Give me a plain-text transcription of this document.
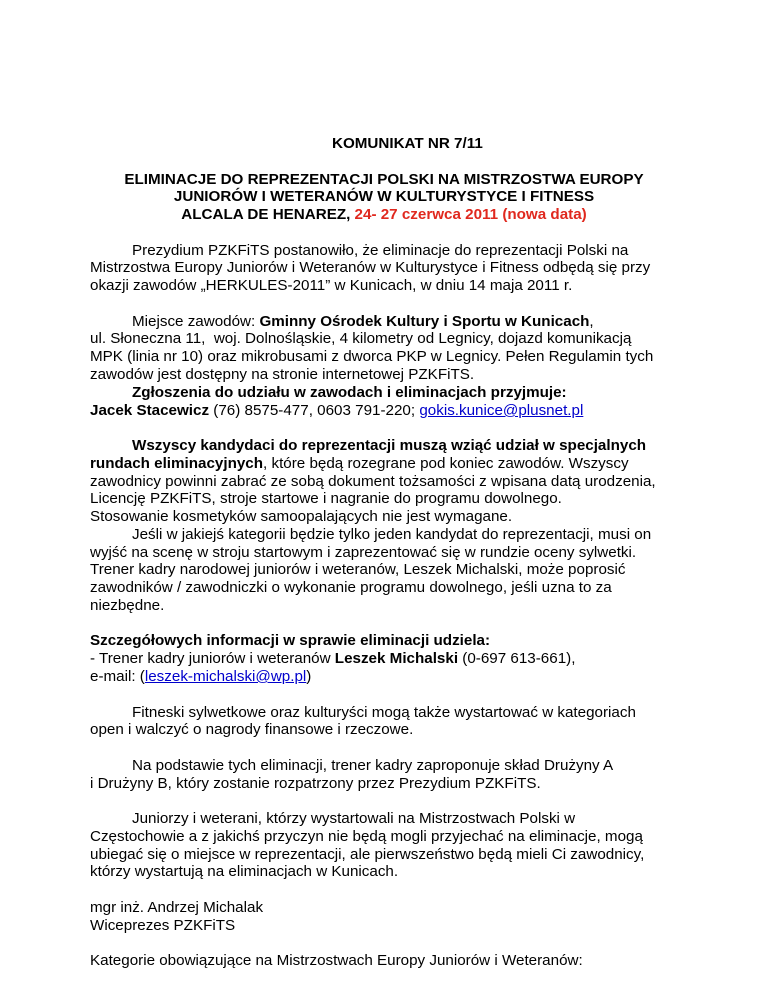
KOMUNIKAT NR 7/11
ELIMINACJE DO REPREZENTACJI POLSKI NA MISTRZOSTWA EUROPY
JUNIORÓW I WETERANÓW W KULTURYSTYCE I FITNESS
ALCALA DE HENAREZ, 24- 27 czerwca 2011 (nowa data)
Prezydium PZKFiTS postanowiło, że eliminacje do reprezentacji Polski na
Mistrzostwa Europy Juniorów i Weteranów w Kulturystyce i Fitness odbędą się przy
okazji zawodów „HERKULES-2011” w Kunicach, w dniu 14 maja 2011 r.
Miejsce zawodów: Gminny Ośrodek Kultury i Sportu w Kunicach,
ul. Słoneczna 11,  woj. Dolnośląskie, 4 kilometry od Legnicy, dojazd komunikacją
MPK (linia nr 10) oraz mikrobusami z dworca PKP w Legnicy. Pełen Regulamin tych
zawodów jest dostępny na stronie internetowej PZKFiTS.
Zgłoszenia do udziału w zawodach i eliminacjach przyjmuje:
Jacek Stacewicz (76) 8575-477, 0603 791-220; gokis.kunice@plusnet.pl
Wszyscy kandydaci do reprezentacji muszą wziąć udział w specjalnych
rundach eliminacyjnych, które będą rozegrane pod koniec zawodów. Wszyscy
zawodnicy powinni zabrać ze sobą dokument tożsamości z wpisana datą urodzenia,
Licencję PZKFiTS, stroje startowe i nagranie do programu dowolnego.
Stosowanie kosmetyków samoopalających nie jest wymagane.
Jeśli w jakiejś kategorii będzie tylko jeden kandydat do reprezentacji, musi on
wyjść na scenę w stroju startowym i zaprezentować się w rundzie oceny sylwetki.
Trener kadry narodowej juniorów i weteranów, Leszek Michalski, może poprosić
zawodników / zawodniczki o wykonanie programu dowolnego, jeśli uzna to za
niezbędne.
Szczegółowych informacji w sprawie eliminacji udziela:
- Trener kadry juniorów i weteranów Leszek Michalski (0-697 613-661),
e-mail: (leszek-michalski@wp.pl)
Fitneski sylwetkowe oraz kulturyści mogą także wystartować w kategoriach
open i walczyć o nagrody finansowe i rzeczowe.
Na podstawie tych eliminacji, trener kadry zaproponuje skład Drużyny A
i Drużyny B, który zostanie rozpatrzony przez Prezydium PZKFiTS.
Juniorzy i weterani, którzy wystartowali na Mistrzostwach Polski w
Częstochowie a z jakichś przyczyn nie będą mogli przyjechać na eliminacje, mogą
ubiegać się o miejsce w reprezentacji, ale pierwszeństwo będą mieli Ci zawodnicy,
którzy wystartują na eliminacjach w Kunicach.
mgr inż. Andrzej Michalak
Wiceprezes PZKFiTS
Kategorie obowiązujące na Mistrzostwach Europy Juniorów i Weteranów:
